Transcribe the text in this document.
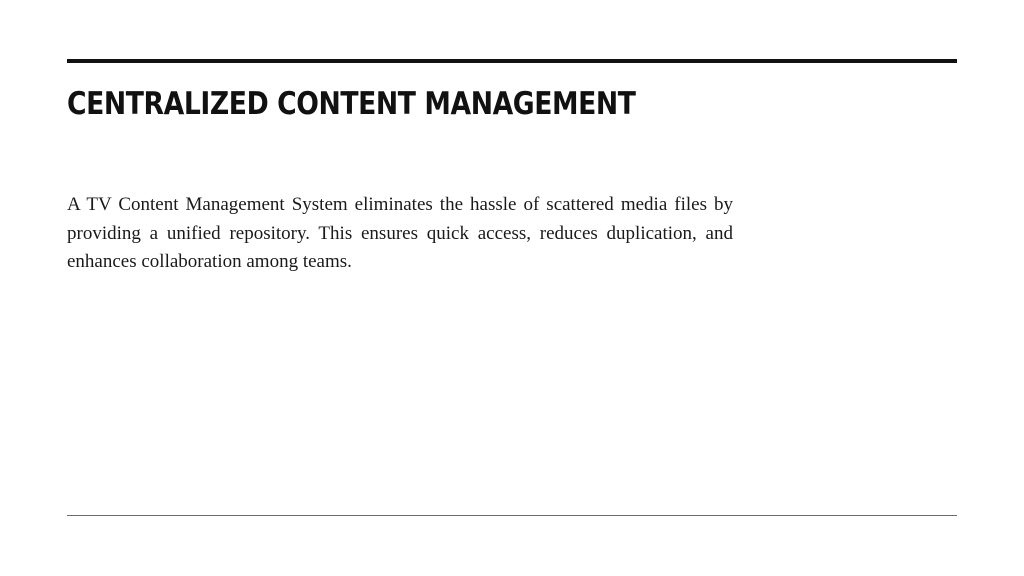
CENTRALIZED CONTENT MANAGEMENT

A TV Content Management System eliminates the hassle of scattered media files by providing a unified repository. This ensures quick access, reduces duplication, and enhances collaboration among teams.
